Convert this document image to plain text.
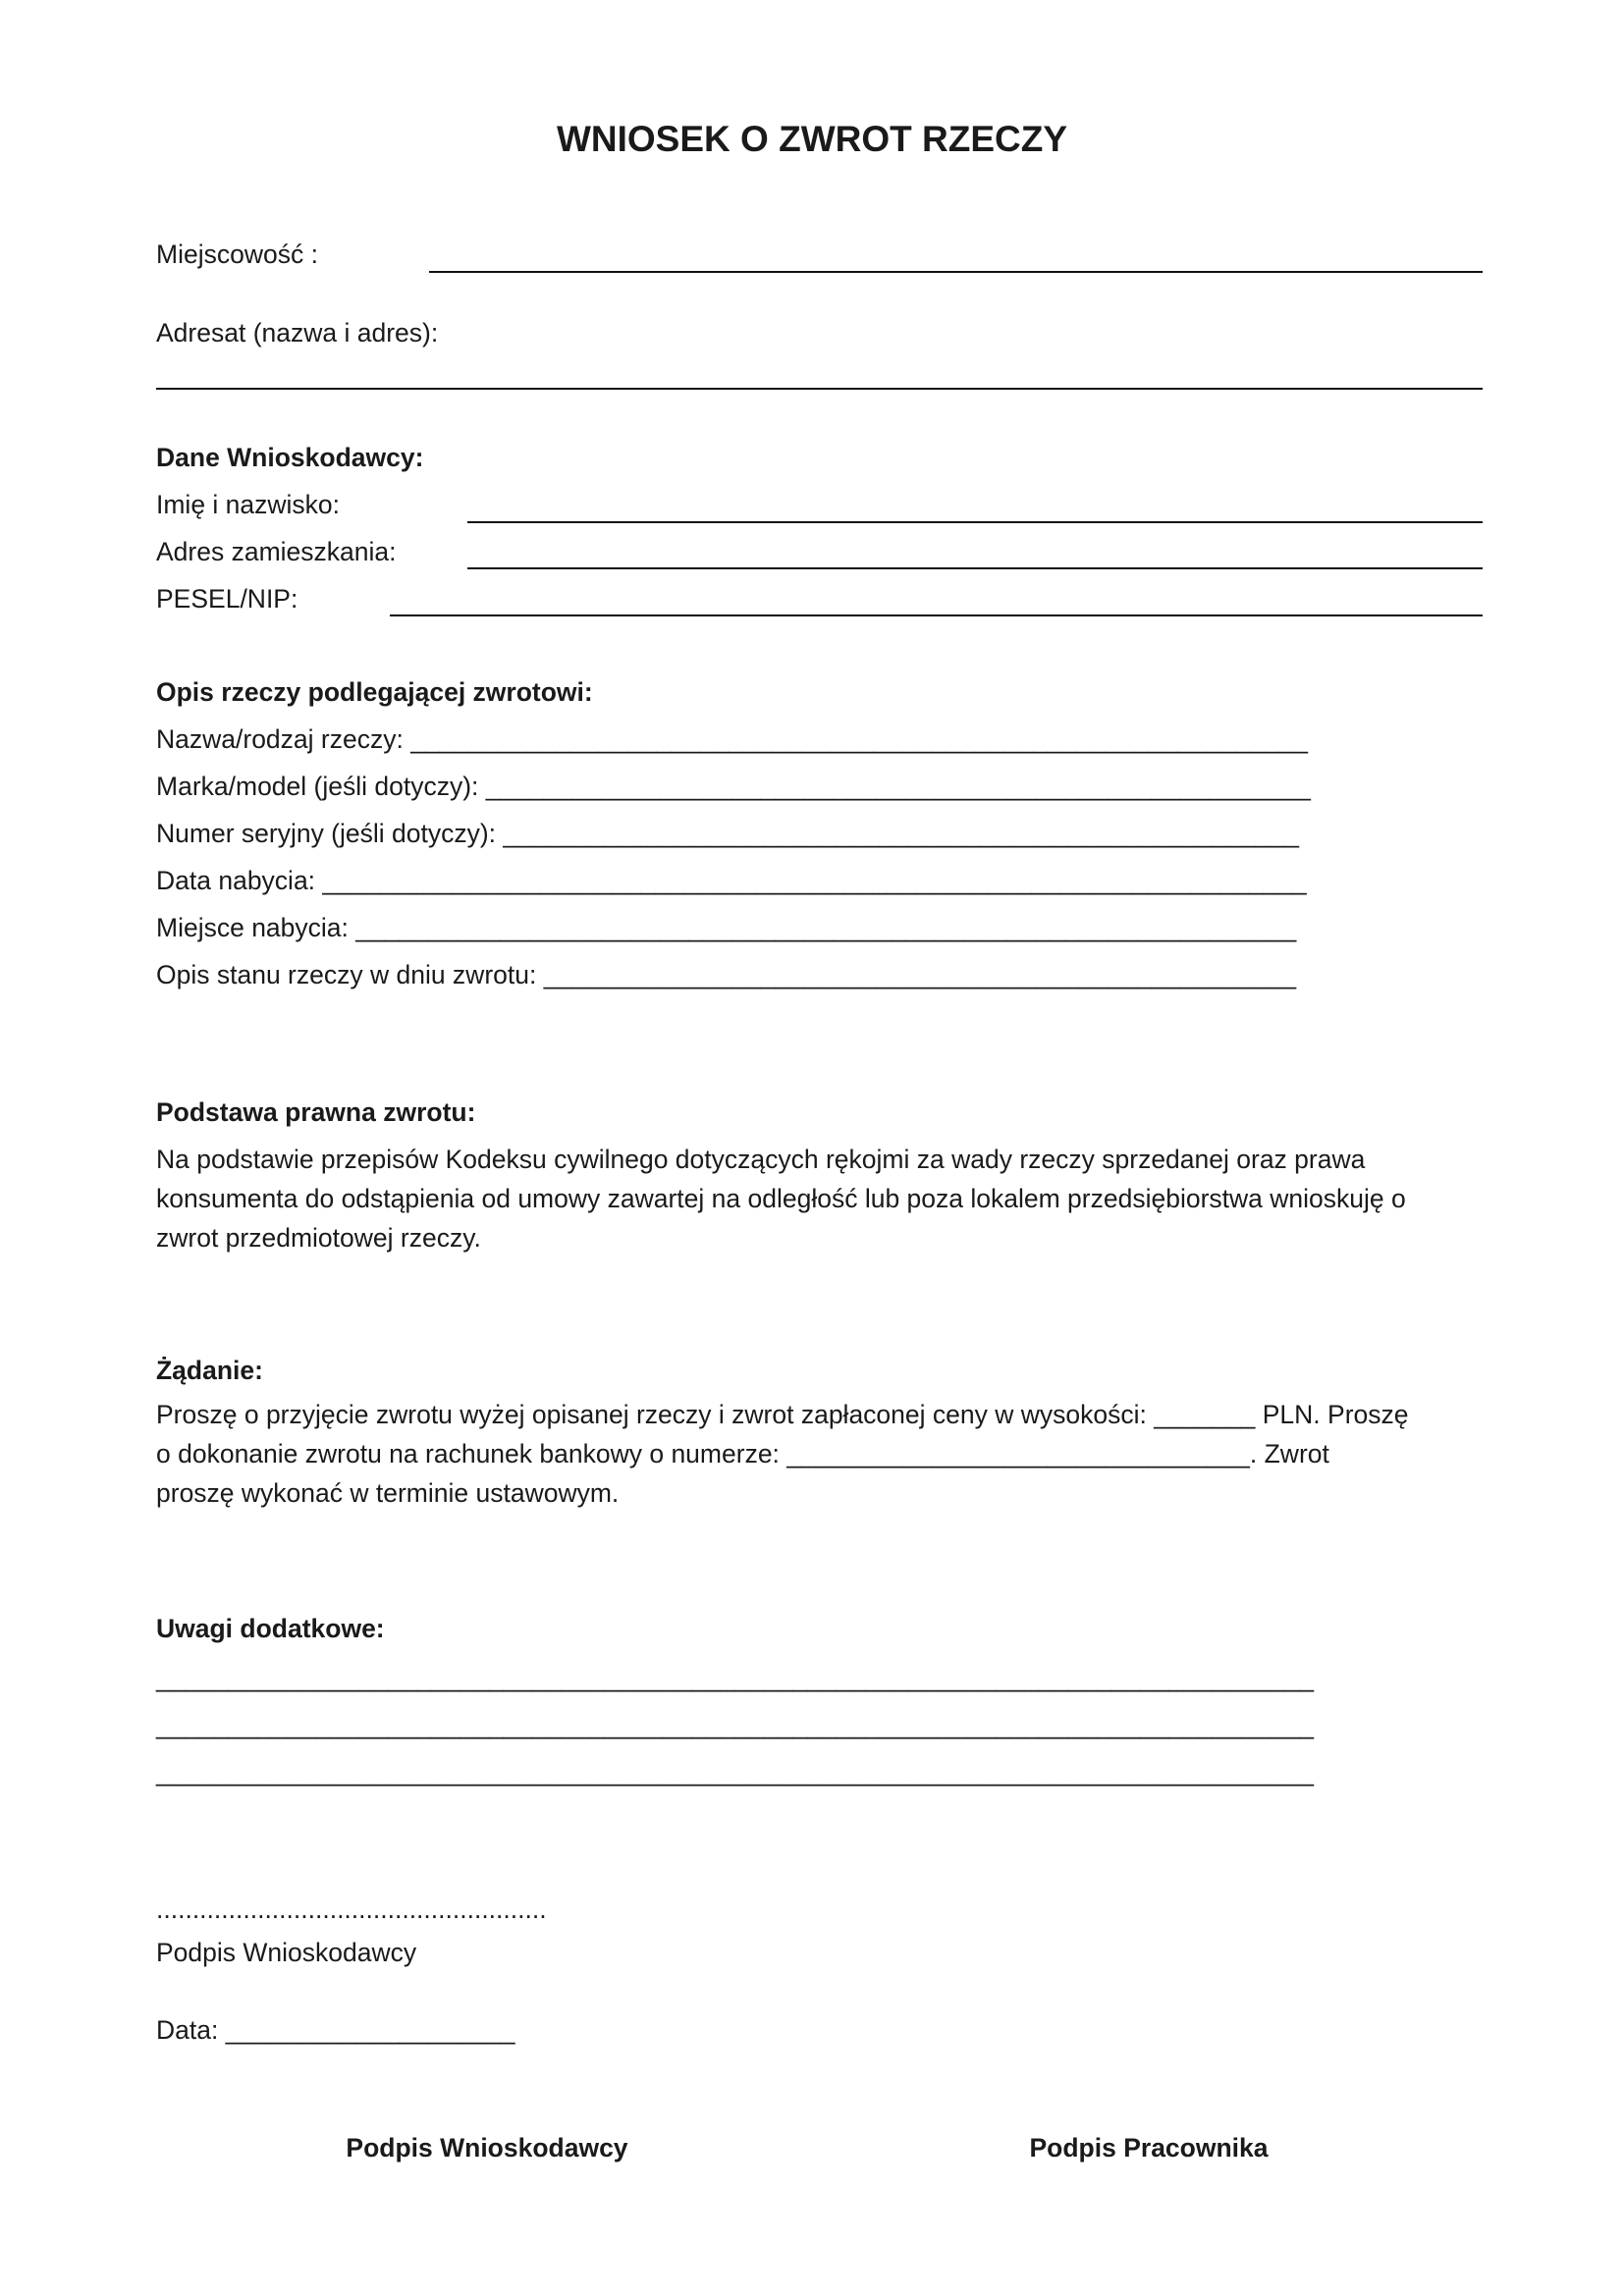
WNIOSEK O ZWROT RZECZY
Miejscowość :
Adresat (nazwa i adres):
Dane Wnioskodawcy:
Imię i nazwisko:
Adres zamieszkania:
PESEL/NIP:
Opis rzeczy podlegającej zwrotowi:
Nazwa/rodzaj rzeczy: ______________________________________________________________
Marka/model (jeśli dotyczy): _________________________________________________________
Numer seryjny (jeśli dotyczy): _______________________________________________________
Data nabycia: ____________________________________________________________________
Miejsce nabycia: _________________________________________________________________
Opis stanu rzeczy w dniu zwrotu: ____________________________________________________
Podstawa prawna zwrotu:
Na podstawie przepisów Kodeksu cywilnego dotyczących rękojmi za wady rzeczy sprzedanej oraz prawa
konsumenta do odstąpienia od umowy zawartej na odległość lub poza lokalem przedsiębiorstwa wnioskuję o
zwrot przedmiotowej rzeczy.
Żądanie:
Proszę o przyjęcie zwrotu wyżej opisanej rzeczy i zwrot zapłaconej ceny w wysokości: _______ PLN. Proszę
o dokonanie zwrotu na rachunek bankowy o numerze: ________________________________. Zwrot
proszę wykonać w terminie ustawowym.
Uwagi dodatkowe:
________________________________________________________________________________
________________________________________________________________________________
________________________________________________________________________________
......................................................
Podpis Wnioskodawcy
Data: ____________________
Podpis Wnioskodawcy	Podpis Pracownika
